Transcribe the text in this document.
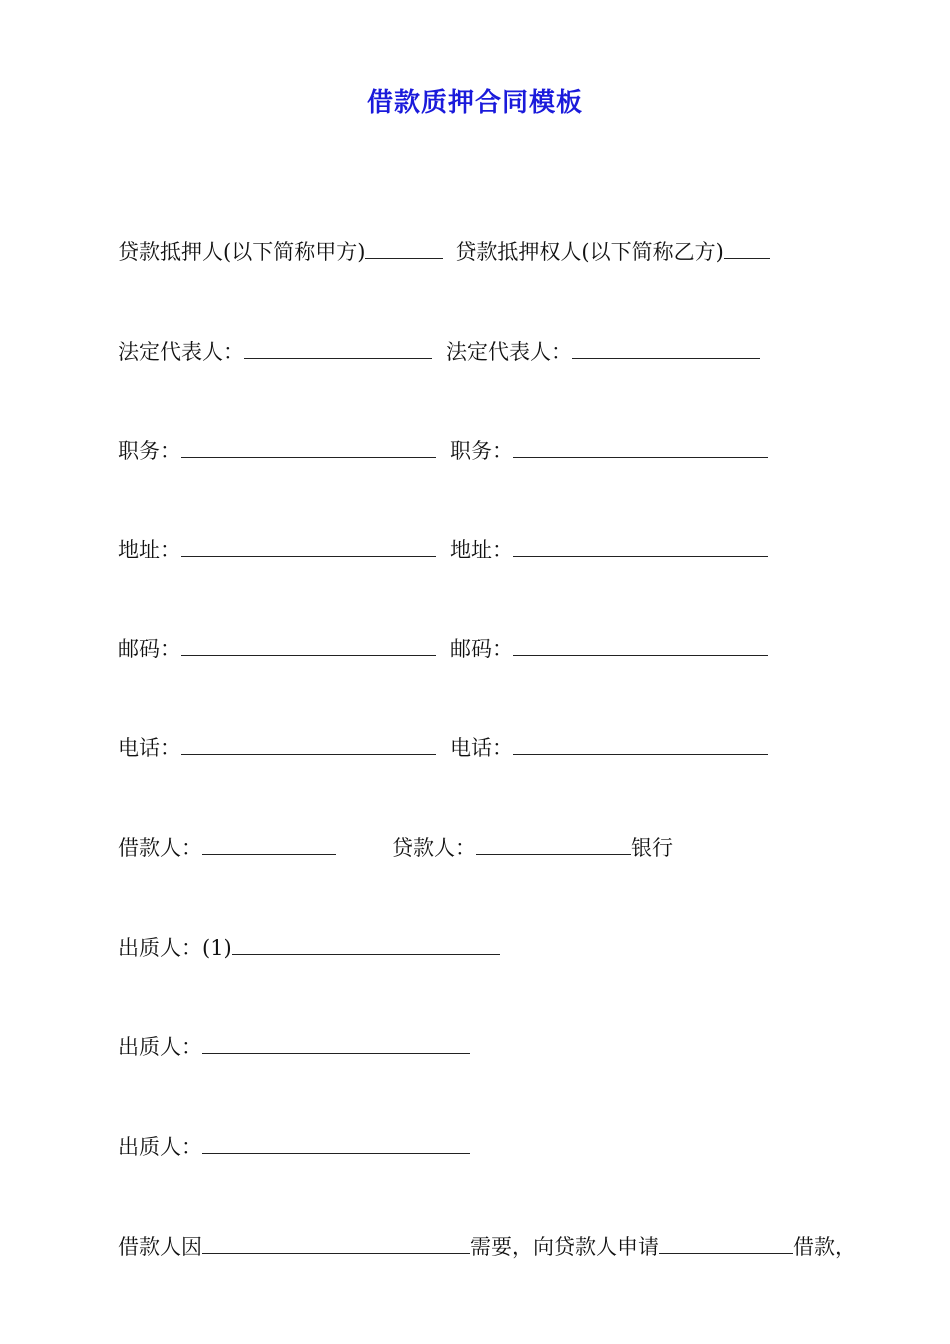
借款质押合同模板
贷款抵押人(以下简称甲方)	贷款抵押权人(以下简称乙方)
法定代表人：	法定代表人：
职务：	职务：
地址：	地址：
邮码：	邮码：
电话：	电话：
借款人：	贷款人：	银行
出质人：(1)
出质人：
出质人：
借款人因	需要，向贷款人申请	借款，
